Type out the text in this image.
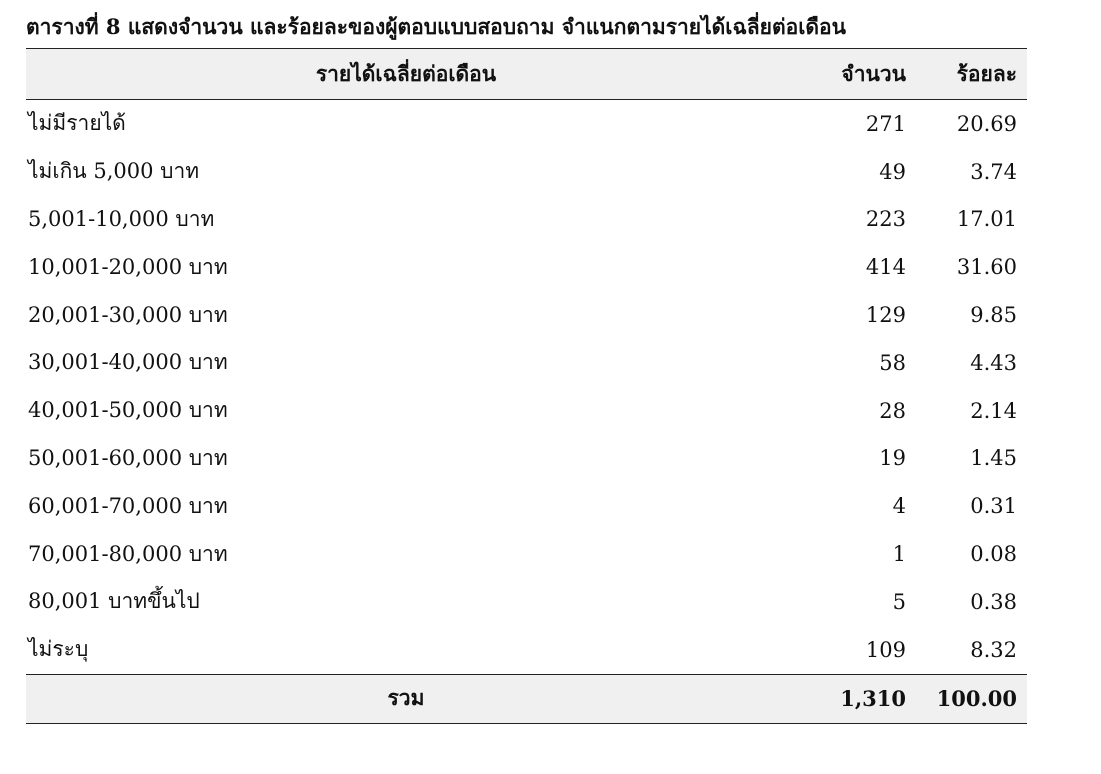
ตารางที่ 8 แสดงจำนวน และร้อยละของผู้ตอบแบบสอบถาม จำแนกตามรายได้เฉลี่ยต่อเดือน
รายได้เฉลี่ยต่อเดือน	จำนวน	ร้อยละ
ไม่มีรายได้	271	20.69
ไม่เกิน 5,000 บาท	49	3.74
5,001-10,000 บาท	223	17.01
10,001-20,000 บาท	414	31.60
20,001-30,000 บาท	129	9.85
30,001-40,000 บาท	58	4.43
40,001-50,000 บาท	28	2.14
50,001-60,000 บาท	19	1.45
60,001-70,000 บาท	4	0.31
70,001-80,000 บาท	1	0.08
80,001 บาทขึ้นไป	5	0.38
ไม่ระบุ	109	8.32
รวม	1,310	100.00
